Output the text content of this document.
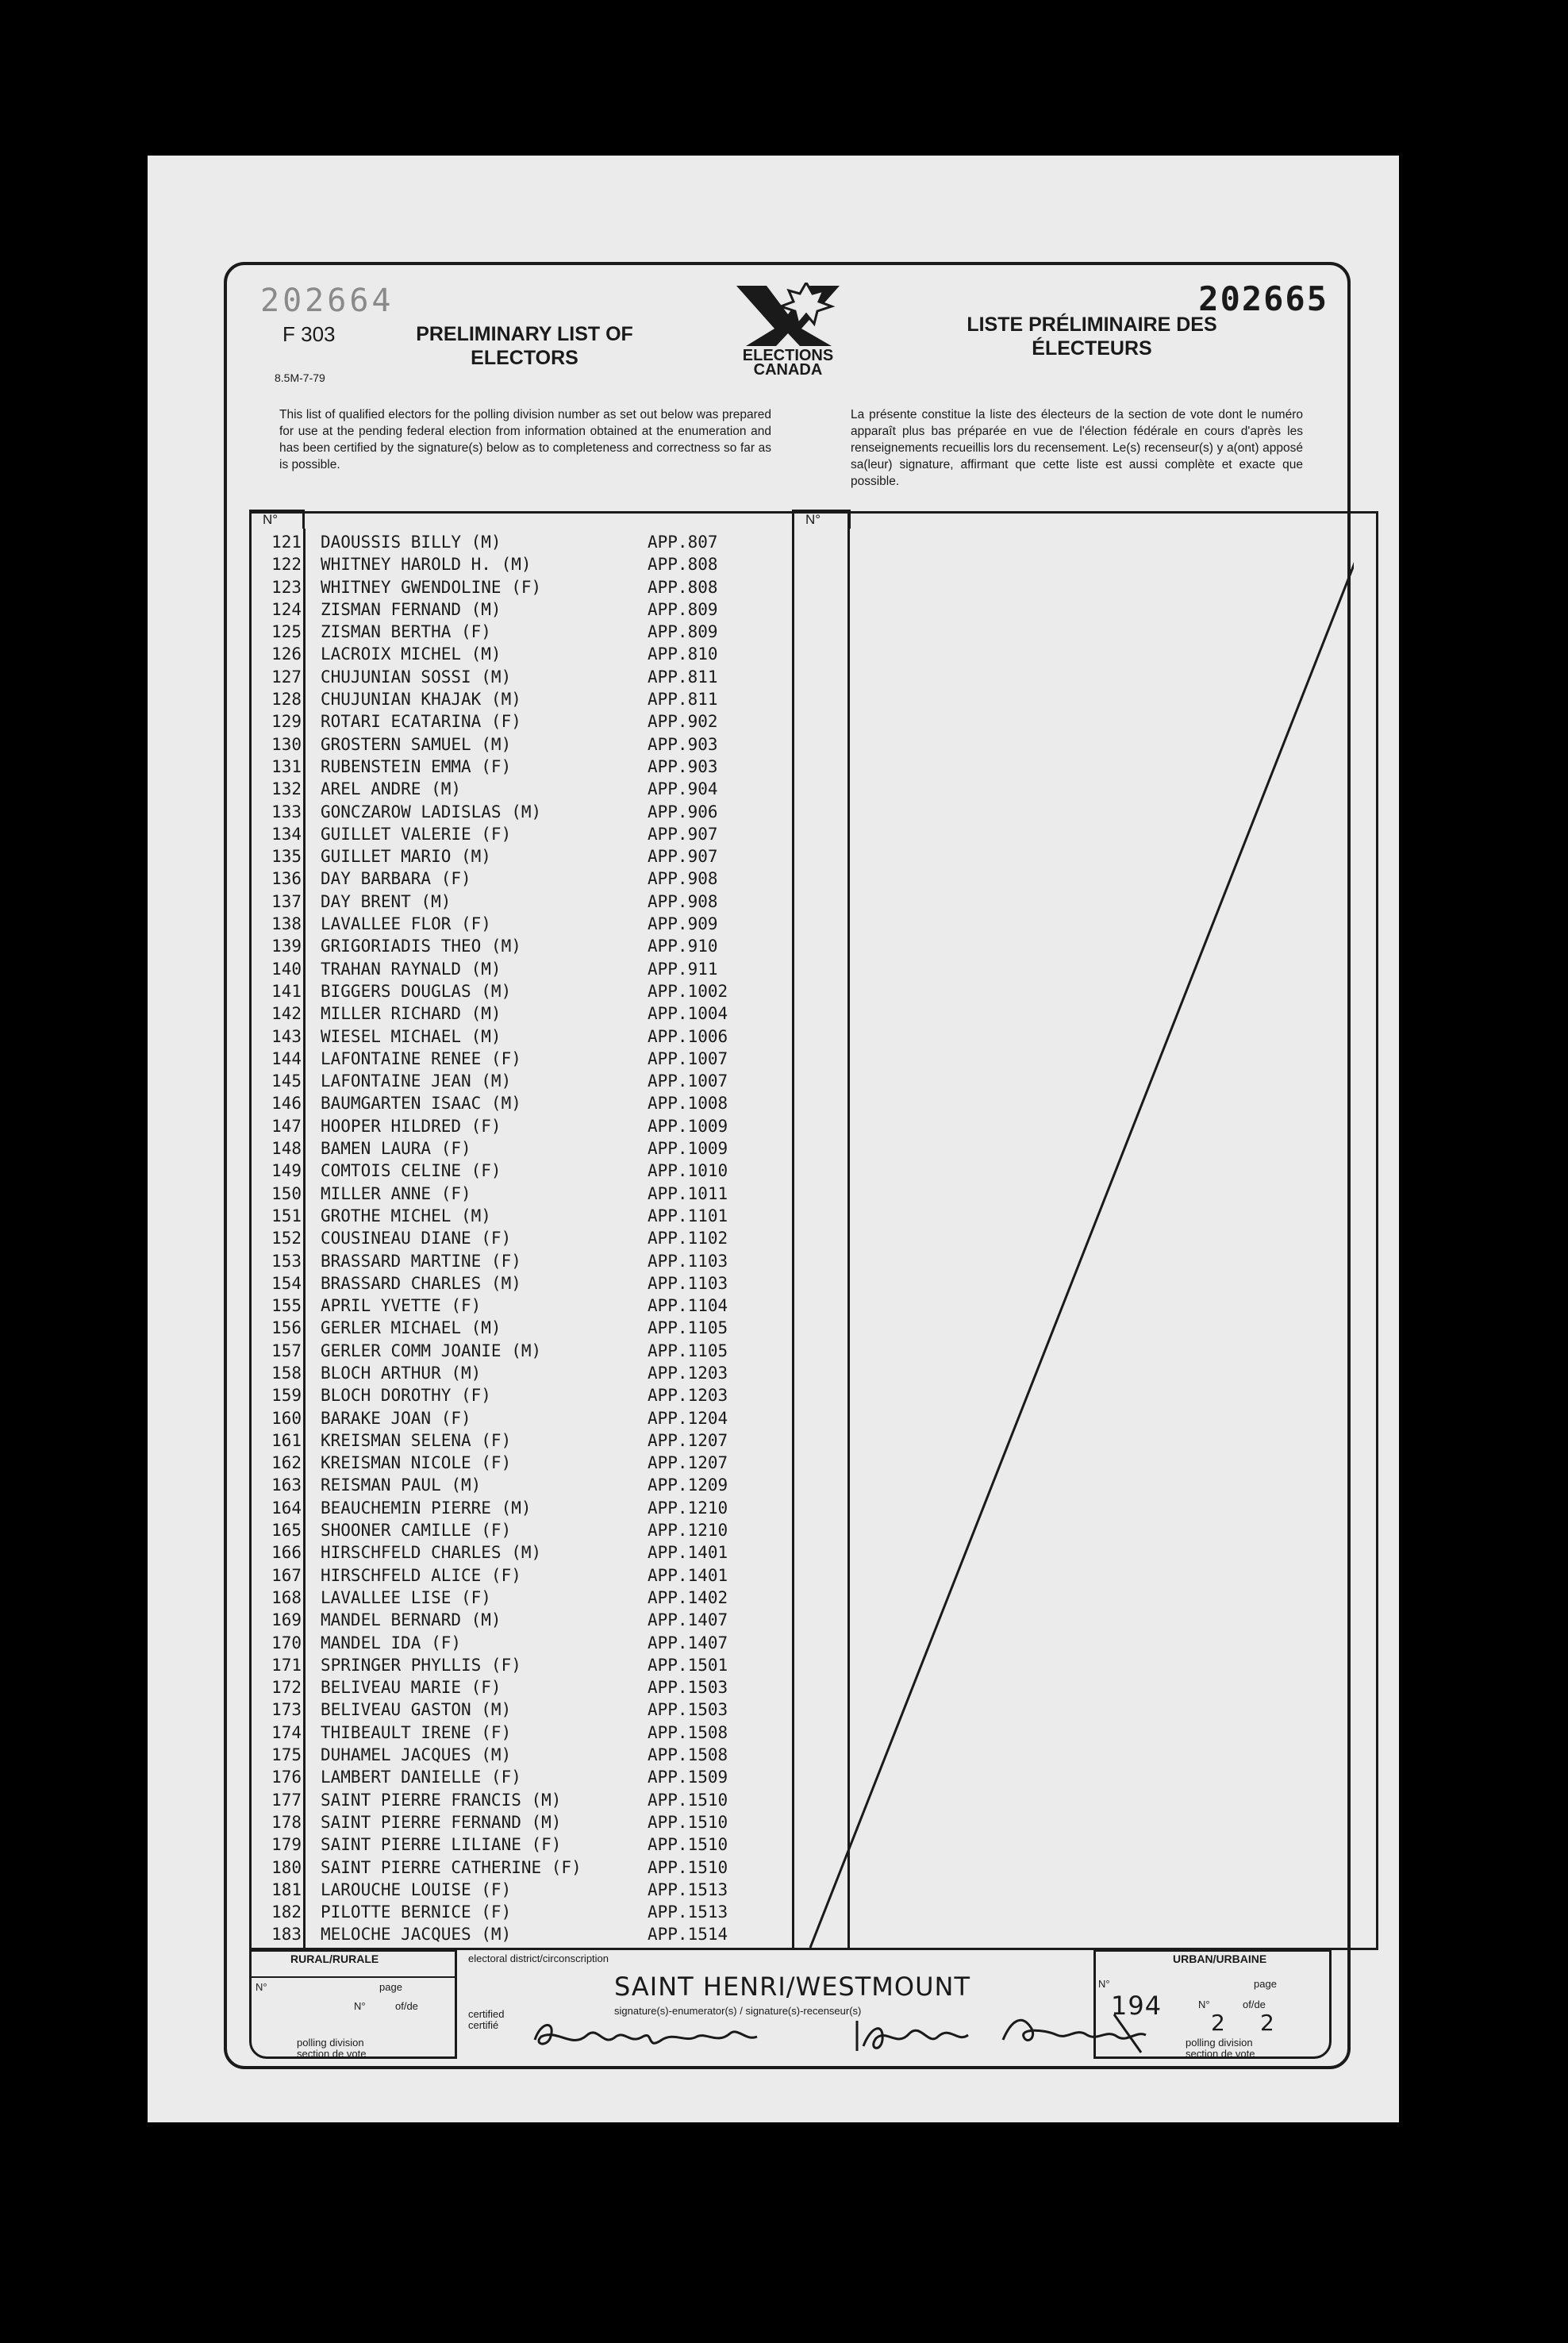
202664
F 303
8.5M-7-79
PRELIMINARY LIST OF ELECTORS	ELECTIONS
CANADA
LISTE PRÉLIMINAIRE DES ÉLECTEURS
202665
This list of qualified electors for the polling division number as set out below was prepared for use at the pending federal election from information obtained at the enumeration and has been certified by the signature(s) below as to completeness and correctness so far as is possible.
La présente constitue la liste des électeurs de la section de vote dont le numéro apparaît plus bas préparée en vue de l'élection fédérale en cours d'après les renseignements recueillis lors du recensement. Le(s) recenseur(s) y a(ont) apposé sa(leur) signature, affirmant que cette liste est aussi complète et exacte que possible.
N°	N°
121 DAOUSSIS BILLY (M)	APP.807
122 WHITNEY HAROLD H. (M)	APP.808
123 WHITNEY GWENDOLINE (F)	APP.808
124 ZISMAN FERNAND (M)	APP.809
125 ZISMAN BERTHA (F)	APP.809
126 LACROIX MICHEL (M)	APP.810
127 CHUJUNIAN SOSSI (M)	APP.811
128 CHUJUNIAN KHAJAK (M)	APP.811
129 ROTARI ECATARINA (F)	APP.902
130 GROSTERN SAMUEL (M)	APP.903
131 RUBENSTEIN EMMA (F)	APP.903
132 AREL ANDRE (M)	APP.904
133 GONCZAROW LADISLAS (M)	APP.906
134 GUILLET VALERIE (F)	APP.907
135 GUILLET MARIO (M)	APP.907
136 DAY BARBARA (F)	APP.908
137 DAY BRENT (M)	APP.908
138 LAVALLEE FLOR (F)	APP.909
139 GRIGORIADIS THEO (M)	APP.910
140 TRAHAN RAYNALD (M)	APP.911
141 BIGGERS DOUGLAS (M)	APP.1002
142 MILLER RICHARD (M)	APP.1004
143 WIESEL MICHAEL (M)	APP.1006
144 LAFONTAINE RENEE (F)	APP.1007
145 LAFONTAINE JEAN (M)	APP.1007
146 BAUMGARTEN ISAAC (M)	APP.1008
147 HOOPER HILDRED (F)	APP.1009
148 BAMEN LAURA (F)	APP.1009
149 COMTOIS CELINE (F)	APP.1010
150 MILLER ANNE (F)	APP.1011
151 GROTHE MICHEL (M)	APP.1101
152 COUSINEAU DIANE (F)	APP.1102
153 BRASSARD MARTINE (F)	APP.1103
154 BRASSARD CHARLES (M)	APP.1103
155 APRIL YVETTE (F)	APP.1104
156 GERLER MICHAEL (M)	APP.1105
157 GERLER COMM JOANIE (M)	APP.1105
158 BLOCH ARTHUR (M)	APP.1203
159 BLOCH DOROTHY (F)	APP.1203
160 BARAKE JOAN (F)	APP.1204
161 KREISMAN SELENA (F)	APP.1207
162 KREISMAN NICOLE (F)	APP.1207
163 REISMAN PAUL (M)	APP.1209
164 BEAUCHEMIN PIERRE (M)	APP.1210
165 SHOONER CAMILLE (F)	APP.1210
166 HIRSCHFELD CHARLES (M)	APP.1401
167 HIRSCHFELD ALICE (F)	APP.1401
168 LAVALLEE LISE (F)	APP.1402
169 MANDEL BERNARD (M)	APP.1407
170 MANDEL IDA (F)	APP.1407
171 SPRINGER PHYLLIS (F)	APP.1501
172 BELIVEAU MARIE (F)	APP.1503
173 BELIVEAU GASTON (M)	APP.1503
174 THIBEAULT IRENE (F)	APP.1508
175 DUHAMEL JACQUES (M)	APP.1508
176 LAMBERT DANIELLE (F)	APP.1509
177 SAINT PIERRE FRANCIS (M)	APP.1510
178 SAINT PIERRE FERNAND (M)	APP.1510
179 SAINT PIERRE LILIANE (F)	APP.1510
180 SAINT PIERRE CATHERINE (F)	APP.1510
181 LAROUCHE LOUISE (F)	APP.1513
182 PILOTTE BERNICE (F)	APP.1513
183 MELOCHE JACQUES (M)	APP.1514
RURAL/RURALE
N°	page
N°	of/de
polling division
section de vote
electoral district/circonscription
SAINT HENRI/WESTMOUNT
certified
certifié
signature(s)-enumerator(s) / signature(s)-recenseur(s)
URBAN/URBAINE
N°
194
page
N°	of/de
2 2
polling division
section de vote
